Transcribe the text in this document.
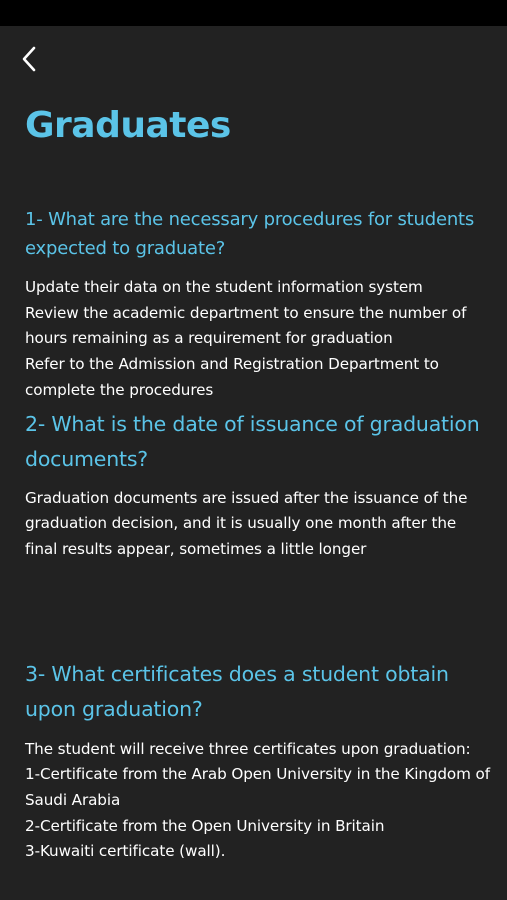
Graduates
1- What are the necessary procedures for students expected to graduate?

Update their data on the student information system
Review the academic department to ensure the number of hours remaining as a requirement for graduation
Refer to the Admission and Registration Department to complete the procedures

2- What is the date of issuance of graduation documents?

Graduation documents are issued after the issuance of the graduation decision, and it is usually one month after the final results appear, sometimes a little longer

3- What certificates does a student obtain upon graduation?

The student will receive three certificates upon graduation:
1-Certificate from the Arab Open University in the Kingdom of Saudi Arabia
2-Certificate from the Open University in Britain
3-Kuwaiti certificate (wall).
